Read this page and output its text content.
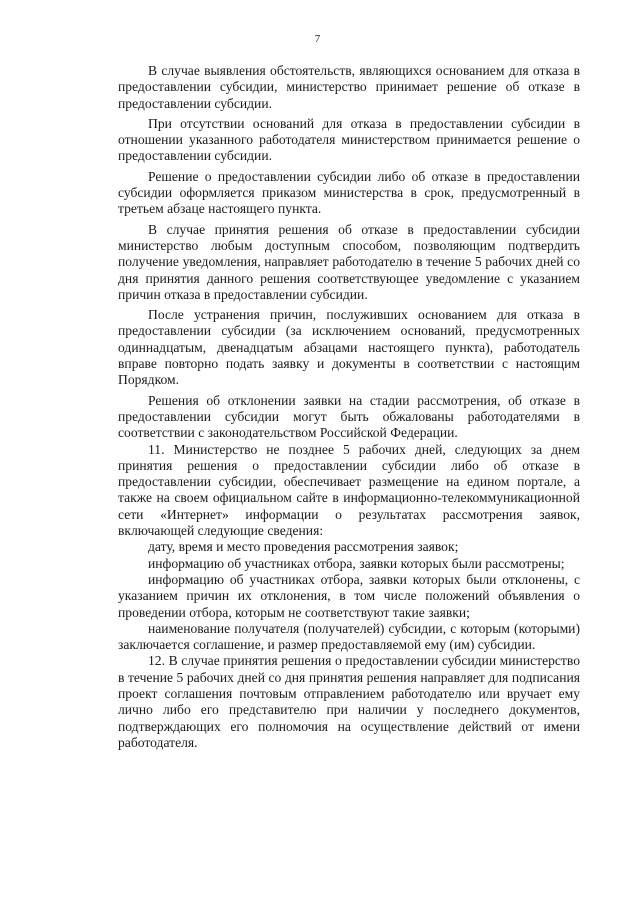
7

В случае выявления обстоятельств, являющихся основанием для отказа в предоставлении субсидии, министерство принимает решение об отказе в предоставлении субсидии.

При отсутствии оснований для отказа в предоставлении субсидии в отношении указанного работодателя министерством принимается решение о предоставлении субсидии.

Решение о предоставлении субсидии либо об отказе в предоставлении субсидии оформляется приказом министерства в срок, предусмотренный в третьем абзаце настоящего пункта.

В случае принятия решения об отказе в предоставлении субсидии министерство любым доступным способом, позволяющим подтвердить получение уведомления, направляет работодателю в течение 5 рабочих дней со дня принятия данного решения соответствующее уведомление с указанием причин отказа в предоставлении субсидии.

После устранения причин, послуживших основанием для отказа в предоставлении субсидии (за исключением оснований, предусмотренных одиннадцатым, двенадцатым абзацами настоящего пункта), работодатель вправе повторно подать заявку и документы в соответствии с настоящим Порядком.

Решения об отклонении заявки на стадии рассмотрения, об отказе в предоставлении субсидии могут быть обжалованы работодателями в соответствии с законодательством Российской Федерации.

11. Министерство не позднее 5 рабочих дней, следующих за днем принятия решения о предоставлении субсидии либо об отказе в предоставлении субсидии, обеспечивает размещение на едином портале, а также на своем официальном сайте в информационно-телекоммуникационной сети «Интернет» информации о результатах рассмотрения заявок, включающей следующие сведения:

дату, время и место проведения рассмотрения заявок;

информацию об участниках отбора, заявки которых были рассмотрены;

информацию об участниках отбора, заявки которых были отклонены, с указанием причин их отклонения, в том числе положений объявления о проведении отбора, которым не соответствуют такие заявки;

наименование получателя (получателей) субсидии, с которым (которыми) заключается соглашение, и размер предоставляемой ему (им) субсидии.

12. В случае принятия решения о предоставлении субсидии министерство в течение 5 рабочих дней со дня принятия решения направляет для подписания проект соглашения почтовым отправлением работодателю или вручает ему лично либо его представителю при наличии у последнего документов, подтверждающих его полномочия на осуществление действий от имени работодателя.
